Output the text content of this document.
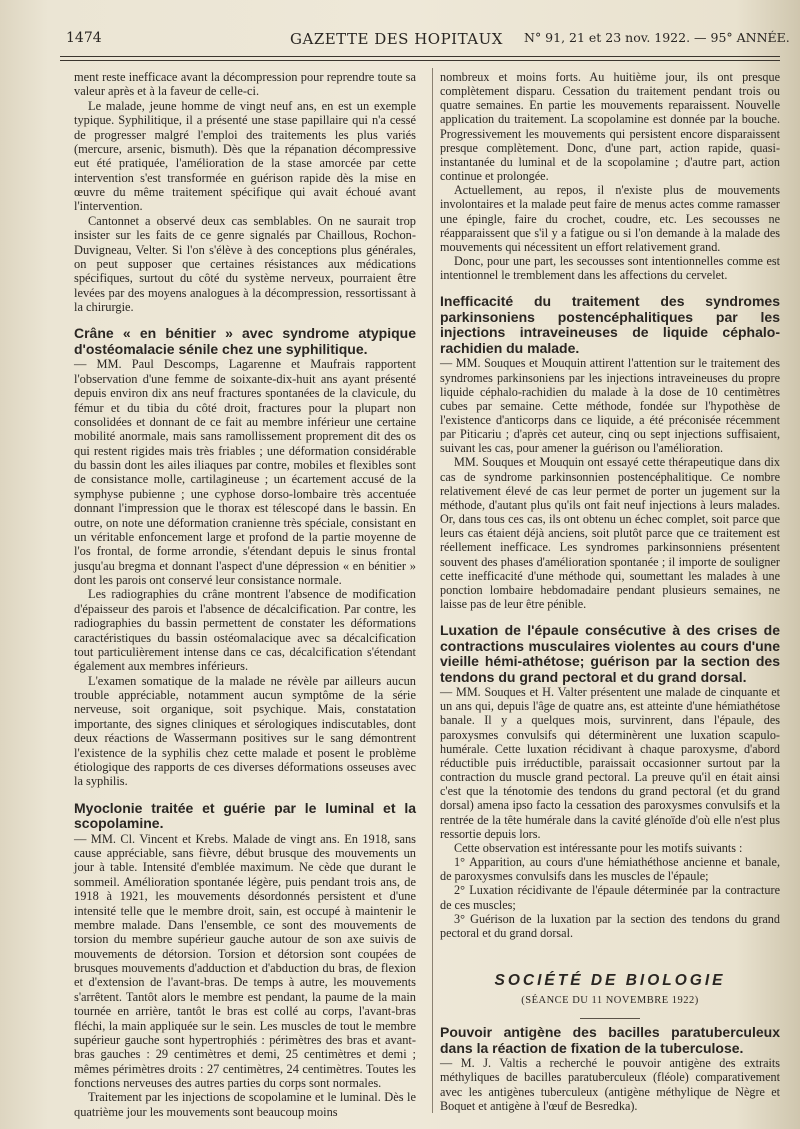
1474	GAZETTE DES HOPITAUX N° 91, 21 et 23 nov. 1922. — 95° ANNÉE.

ment reste inefficace avant la décompression pour reprendre toute sa valeur après et à la faveur de celle-ci.

Le malade, jeune homme de vingt neuf ans, en est un exemple typique. Syphilitique, il a présenté une stase papillaire qui n'a cessé de progresser malgré l'emploi des traitements les plus variés (mercure, arsenic, bismuth). Dès que la répanation décompressive eut été pratiquée, l'amélioration de la stase amorcée par cette intervention s'est transformée en guérison rapide dès la mise en œuvre du même traitement spécifique qui avait échoué avant l'intervention.

Cantonnet a observé deux cas semblables. On ne saurait trop insister sur les faits de ce genre signalés par Chaillous, Rochon-Duvigneau, Velter. Si l'on s'élève à des conceptions plus générales, on peut supposer que certaines résistances aux médications spécifiques, surtout du côté du système nerveux, pourraient être levées par des moyens analogues à la décompression, ressortissant à la chirurgie.

Crâne « en bénitier » avec syndrome atypique d'ostéomalacie sénile chez une syphilitique.

— MM. Paul Descomps, Lagarenne et Maufrais rapportent l'observation d'une femme de soixante-dix-huit ans ayant présenté depuis environ dix ans neuf fractures spontanées de la clavicule, du fémur et du tibia du côté droit, fractures pour la plupart non consolidées et donnant de ce fait au membre inférieur une certaine mobilité anormale, mais sans ramollissement proprement dit des os qui restent rigides mais très friables ; une déformation considérable du bassin dont les ailes iliaques par contre, mobiles et flexibles sont de consistance molle, cartilagineuse ; un écartement accusé de la symphyse pubienne ; une cyphose dorso-lombaire très accentuée donnant l'impression que le thorax est télescopé dans le bassin. En outre, on note une déformation cranienne très spéciale, consistant en un véritable enfoncement large et profond de la partie moyenne de l'os frontal, de forme arrondie, s'étendant depuis le sinus frontal jusqu'au bregma et donnant l'aspect d'une dépression « en bénitier » dont les parois ont conservé leur consistance normale.

Les radiographies du crâne montrent l'absence de modification d'épaisseur des parois et l'absence de décalcification. Par contre, les radiographies du bassin permettent de constater les déformations caractéristiques du bassin ostéomalacique avec sa décalcification tout particulièrement intense dans ce cas, décalcification s'étendant également aux membres inférieurs.

L'examen somatique de la malade ne révèle par ailleurs aucun trouble appréciable, notamment aucun symptôme de la série nerveuse, soit organique, soit psychique. Mais, constatation importante, des signes cliniques et sérologiques indiscutables, dont deux réactions de Wassermann positives sur le sang démontrent l'existence de la syphilis chez cette malade et posent le problème étiologique des rapports de ces diverses déformations osseuses avec la syphilis.

Myoclonie traitée et guérie par le luminal et la scopolamine.

— MM. Cl. Vincent et Krebs. Malade de vingt ans. En 1918, sans cause appréciable, sans fièvre, début brusque des mouvements un jour à table. Intensité d'emblée maximum. Ne cède que durant le sommeil. Amélioration spontanée légère, puis pendant trois ans, de 1918 à 1921, les mouvements désordonnés persistent et d'une intensité telle que le membre droit, sain, est occupé à maintenir le membre malade. Dans l'ensemble, ce sont des mouvements de torsion du membre supérieur gauche autour de son axe suivis de mouvements de détorsion. Torsion et détorsion sont coupées de brusques mouvements d'adduction et d'abduction du bras, de flexion et d'extension de l'avant-bras. De temps à autre, les mouvements s'arrêtent. Tantôt alors le membre est pendant, la paume de la main tournée en arrière, tantôt le bras est collé au corps, l'avant-bras fléchi, la main appliquée sur le sein. Les muscles de tout le membre supérieur gauche sont hypertrophiés : périmètres des bras et avant-bras gauches : 29 centimètres et demi, 25 centimètres et demi ; mêmes périmètres droits : 27 centimètres, 24 centimètres. Toutes les fonctions nerveuses des autres parties du corps sont normales.

Traitement par les injections de scopolamine et le luminal. Dès le quatrième jour les mouvements sont beaucoup moins

nombreux et moins forts. Au huitième jour, ils ont presque complètement disparu. Cessation du traitement pendant trois ou quatre semaines. En partie les mouvements reparaissent. Nouvelle application du traitement. La scopolamine est donnée par la bouche. Progressivement les mouvements qui persistent encore disparaissent presque complètement. Donc, d'une part, action rapide, quasi-instantanée du luminal et de la scopolamine ; d'autre part, action continue et prolongée.

Actuellement, au repos, il n'existe plus de mouvements involontaires et la malade peut faire de menus actes comme ramasser une épingle, faire du crochet, coudre, etc. Les secousses ne réapparaissent que s'il y a fatigue ou si l'on demande à la malade des mouvements qui nécessitent un effort relativement grand.

Donc, pour une part, les secousses sont intentionnelles comme est intentionnel le tremblement dans les affections du cervelet.

Inefficacité du traitement des syndromes parkinsoniens postencéphalitiques par les injections intraveineuses de liquide céphalo-rachidien du malade.

— MM. Souques et Mouquin attirent l'attention sur le traitement des syndromes parkinsoniens par les injections intraveineuses du propre liquide céphalo-rachidien du malade à la dose de 10 centimètres cubes par semaine. Cette méthode, fondée sur l'hypothèse de l'existence d'anticorps dans ce liquide, a été préconisée récemment par Piticariu ; d'après cet auteur, cinq ou sept injections suffisaient, suivant les cas, pour amener la guérison ou l'amélioration.

MM. Souques et Mouquin ont essayé cette thérapeutique dans dix cas de syndrome parkinsonnien postencéphalitique. Ce nombre relativement élevé de cas leur permet de porter un jugement sur la méthode, d'autant plus qu'ils ont fait neuf injections à leurs malades. Or, dans tous ces cas, ils ont obtenu un échec complet, soit parce que leurs cas étaient déjà anciens, soit plutôt parce que ce traitement est réellement inefficace. Les syndromes parkinsonniens présentent souvent des phases d'amélioration spontanée ; il importe de souligner cette inefficacité d'une méthode qui, soumettant les malades à une ponction lombaire hebdomadaire pendant plusieurs semaines, ne laisse pas de leur être pénible.

Luxation de l'épaule consécutive à des crises de contractions musculaires violentes au cours d'une vieille hémi-athétose; guérison par la section des tendons du grand pectoral et du grand dorsal.

— MM. Souques et H. Valter présentent une malade de cinquante et un ans qui, depuis l'âge de quatre ans, est atteinte d'une hémiathétose banale. Il y a quelques mois, survinrent, dans l'épaule, des paroxysmes convulsifs qui déterminèrent une luxation scapulo-humérale. Cette luxation récidivant à chaque paroxysme, d'abord réductible puis irréductible, paraissait occasionner surtout par la contraction du muscle grand pectoral. La preuve qu'il en était ainsi c'est que la ténotomie des tendons du grand pectoral (et du grand dorsal) amena ipso facto la cessation des paroxysmes convulsifs et la rentrée de la tête humérale dans la cavité glénoïde d'où elle n'est plus ressortie depuis lors.

Cette observation est intéressante pour les motifs suivants :

1° Apparition, au cours d'une hémiathéthose ancienne et banale, de paroxysmes convulsifs dans les muscles de l'épaule;

2° Luxation récidivante de l'épaule déterminée par la contracture de ces muscles;

3° Guérison de la luxation par la section des tendons du grand pectoral et du grand dorsal.

SOCIÉTÉ DE BIOLOGIE

(SÉANCE DU 11 NOVEMBRE 1922)

Pouvoir antigène des bacilles paratuberculeux dans la réaction de fixation de la tuberculose.

— M. J. Valtis a recherché le pouvoir antigène des extraits méthyliques de bacilles paratuberculeux (fléole) comparativement avec les antigènes tuberculeux (antigène méthylique de Nègre et Boquet et antigène à l'œuf de Besredka).
